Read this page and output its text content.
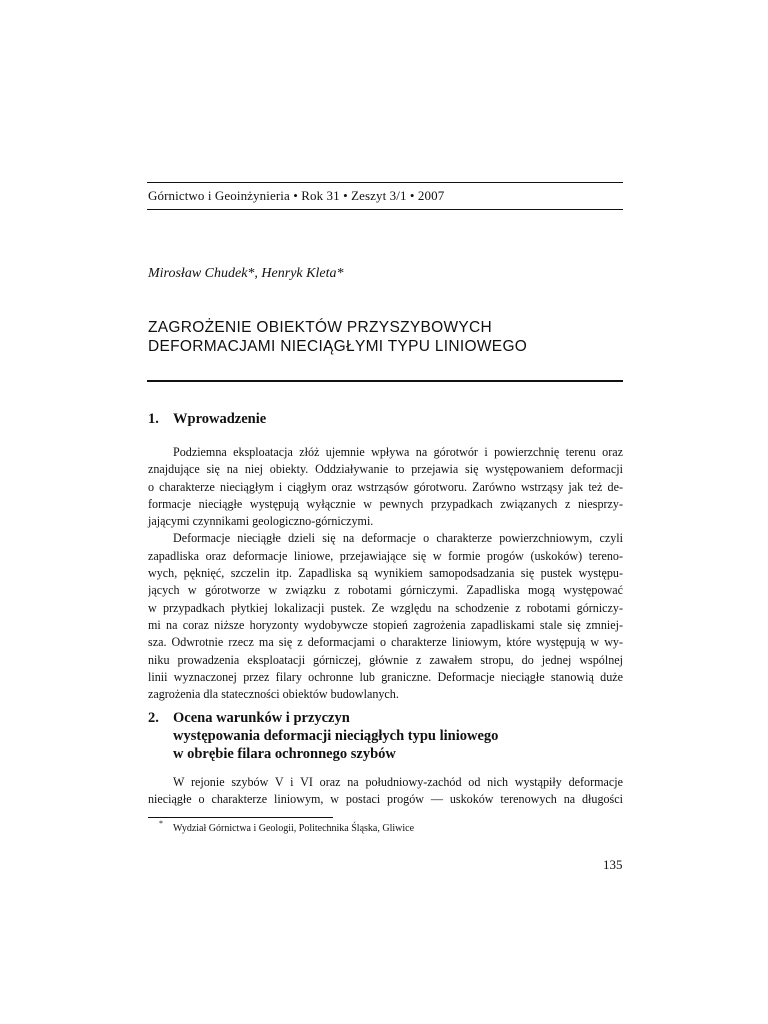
Górnictwo i Geoinżynieria • Rok 31 • Zeszyt 3/1 • 2007
Mirosław Chudek*, Henryk Kleta*
ZAGROŻENIE OBIEKTÓW PRZYSZYBOWYCH
DEFORMACJAMI NIECIĄGŁYMI TYPU LINIOWEGO
1. Wprowadzenie
Podziemna eksploatacja złóż ujemnie wpływa na górotwór i powierzchnię terenu oraz
znajdujące się na niej obiekty. Oddziaływanie to przejawia się występowaniem deformacji
o charakterze nieciągłym i ciągłym oraz wstrząsów górotworu. Zarówno wstrząsy jak też de-
formacje nieciągłe występują wyłącznie w pewnych przypadkach związanych z niesprzy-
jającymi czynnikami geologiczno-górniczymi.
Deformacje nieciągłe dzieli się na deformacje o charakterze powierzchniowym, czyli
zapadliska oraz deformacje liniowe, przejawiające się w formie progów (uskoków) tereno-
wych, pęknięć, szczelin itp. Zapadliska są wynikiem samopodsadzania się pustek występu-
jących w górotworze w związku z robotami górniczymi. Zapadliska mogą występować
w przypadkach płytkiej lokalizacji pustek. Ze względu na schodzenie z robotami górniczy-
mi na coraz niższe horyzonty wydobywcze stopień zagrożenia zapadliskami stale się zmniej-
sza. Odwrotnie rzecz ma się z deformacjami o charakterze liniowym, które występują w wy-
niku prowadzenia eksploatacji górniczej, głównie z zawałem stropu, do jednej wspólnej
linii wyznaczonej przez filary ochronne lub graniczne. Deformacje nieciągłe stanowią duże
zagrożenia dla stateczności obiektów budowlanych.
2. Ocena warunków i przyczyn
występowania deformacji nieciągłych typu liniowego
w obrębie filara ochronnego szybów
W rejonie szybów V i VI oraz na południowy-zachód od nich wystąpiły deformacje
nieciągłe o charakterze liniowym, w postaci progów — uskoków terenowych na długości
* Wydział Górnictwa i Geologii, Politechnika Śląska, Gliwice
135
